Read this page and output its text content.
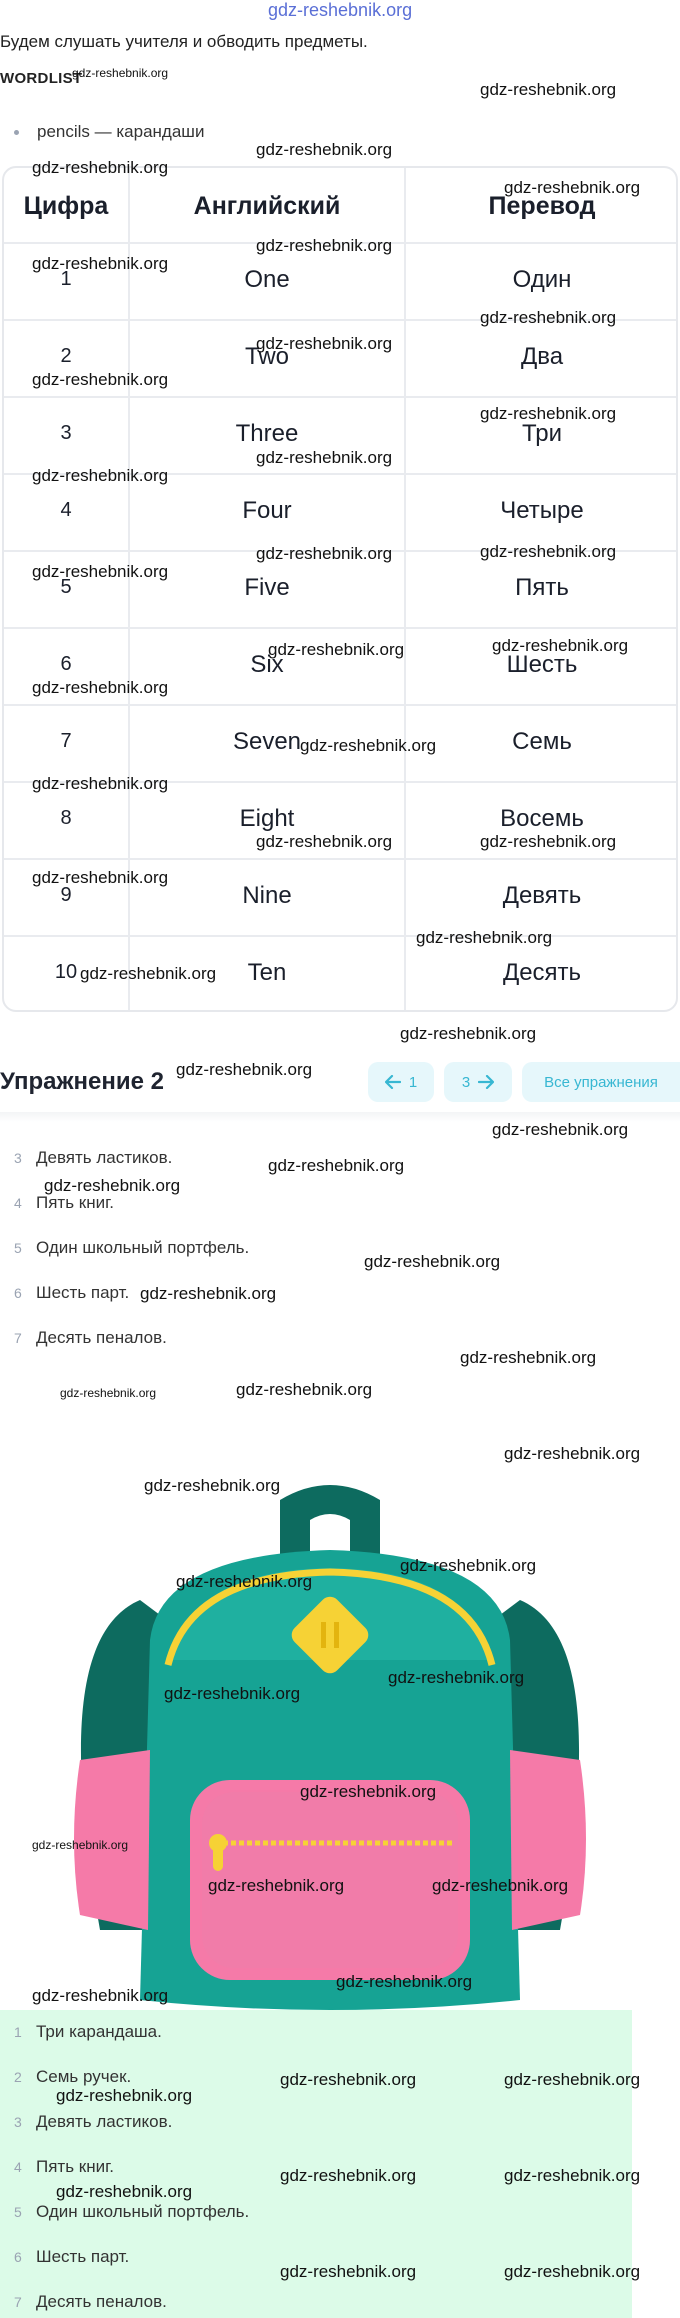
gdz-reshebnik.org
Будем слушать учителя и обводить предметы.
WORDLIST
pencils — карандаши
Цифра	Английский	Перевод
1	One	Один
2	Two	Два
3	Three	Три
4	Four	Четыре
5	Five	Пять
6	Six	Шесть
7	Seven	Семь
8	Eight	Восемь
9	Nine	Девять
10	Ten	Десять
Упражнение 2	1	3	Все упражнения
3 Девять ластиков.
4 Пять книг.
5 Один школьный портфель.
6 Шесть парт.
7 Десять пеналов.
1 Три карандаша.
2 Семь ручек.
3 Девять ластиков.
4 Пять книг.
5 Один школьный портфель.
6 Шесть парт.
7 Десять пеналов.
gdz-reshebnik.org
gdz-reshebnik.org
gdz-reshebnik.org
gdz-reshebnik.org
gdz-reshebnik.org
gdz-reshebnik.org
gdz-reshebnik.org
gdz-reshebnik.org
gdz-reshebnik.org
gdz-reshebnik.org
gdz-reshebnik.org
gdz-reshebnik.org
gdz-reshebnik.org
gdz-reshebnik.org	gdz-reshebnik.org
gdz-reshebnik.org
gdz-reshebnik.org	gdz-reshebnik.org
gdz-reshebnik.org
gdz-reshebnik.org
gdz-reshebnik.org
gdz-reshebnik.org	gdz-reshebnik.org
gdz-reshebnik.org
gdz-reshebnik.org
gdz-reshebnik.org
gdz-reshebnik.org
gdz-reshebnik.org
gdz-reshebnik.org
gdz-reshebnik.org
gdz-reshebnik.org
gdz-reshebnik.org
gdz-reshebnik.org
gdz-reshebnik.org
gdz-reshebnik.org	gdz-reshebnik.org
gdz-reshebnik.org
gdz-reshebnik.org
gdz-reshebnik.org
gdz-reshebnik.org
gdz-reshebnik.org
gdz-reshebnik.org
gdz-reshebnik.org
gdz-reshebnik.org
gdz-reshebnik.org	gdz-reshebnik.org
gdz-reshebnik.org
gdz-reshebnik.org
gdz-reshebnik.org
gdz-reshebnik.org	gdz-reshebnik.org
gdz-reshebnik.org
gdz-reshebnik.org	gdz-reshebnik.org
gdz-reshebnik.org	gdz-reshebnik.org
